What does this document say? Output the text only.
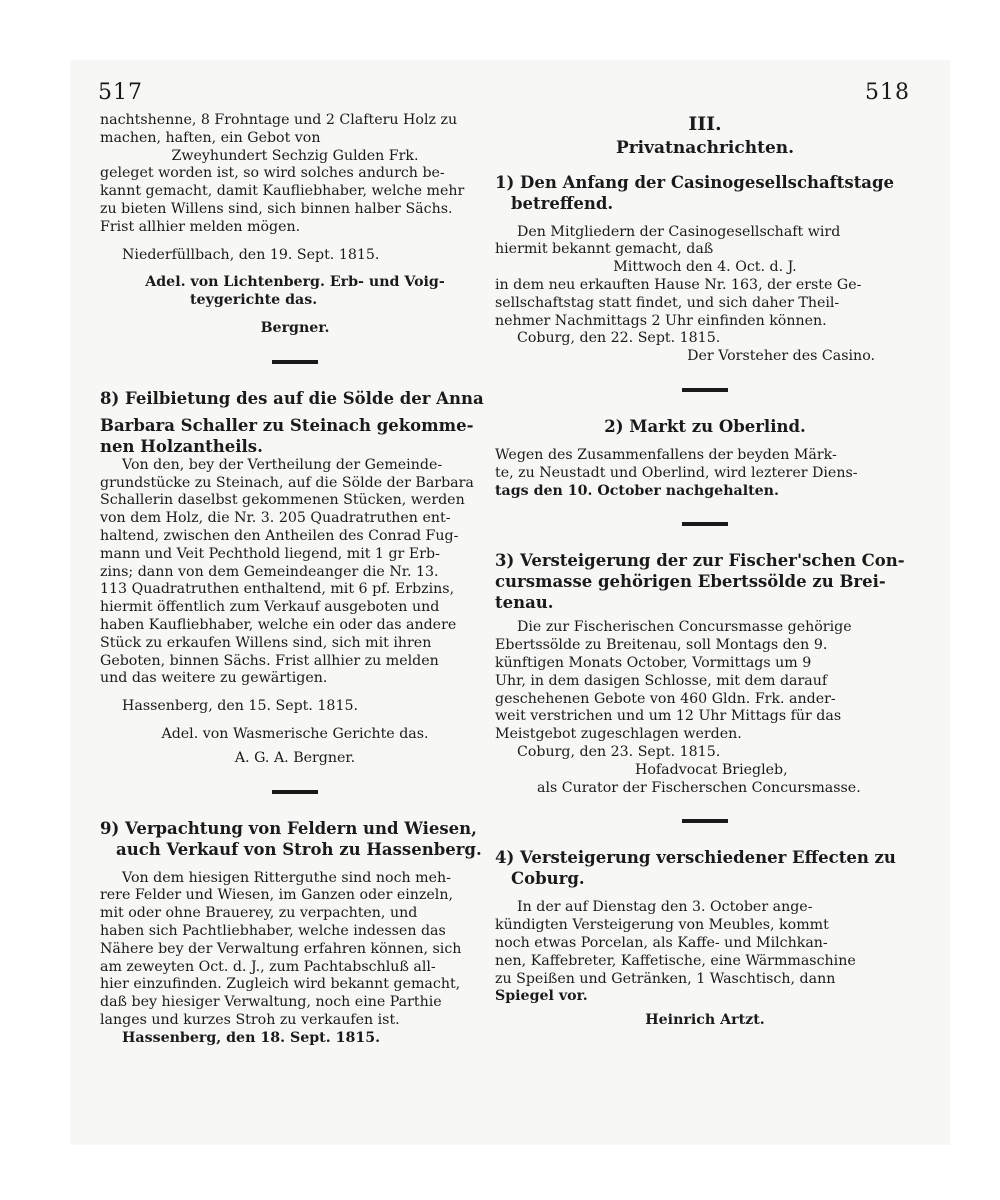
517	518

nachtshenne, 8 Frohntage und 2 Clafteru Holz zu

machen, haften, ein Gebot von

Zweyhundert Sechzig Gulden Frk.

geleget worden ist, so wird solches andurch be-

kannt gemacht, damit Kaufliebhaber, welche mehr

zu bieten Willens sind, sich binnen halber Sächs.

Frist allhier melden mögen.

Niederfüllbach, den 19. Sept. 1815.

Adel. von Lichtenberg. Erb- und Voig-

teygerichte das.

Bergner.

8) Feilbietung des auf die Sölde der Anna

Barbara Schaller zu Steinach gekomme-

nen Holzantheils.

Von den, bey der Vertheilung der Gemeinde-

grundstücke zu Steinach, auf die Sölde der Barbara

Schallerin daselbst gekommenen Stücken, werden

von dem Holz, die Nr. 3. 205 Quadratruthen ent-

haltend, zwischen den Antheilen des Conrad Fug-

mann und Veit Pechthold liegend, mit 1 gr Erb-

zins; dann von dem Gemeindeanger die Nr. 13.

113 Quadratruthen enthaltend, mit 6 pf. Erbzins,

hiermit öffentlich zum Verkauf ausgeboten und

haben Kaufliebhaber, welche ein oder das andere

Stück zu erkaufen Willens sind, sich mit ihren

Geboten, binnen Sächs. Frist allhier zu melden

und das weitere zu gewärtigen.

Hassenberg, den 15. Sept. 1815.

Adel. von Wasmerische Gerichte das.

A. G. A. Bergner.

9) Verpachtung von Feldern und Wiesen,

auch Verkauf von Stroh zu Hassenberg.

Von dem hiesigen Ritterguthe sind noch meh-

rere Felder und Wiesen, im Ganzen oder einzeln,

mit oder ohne Brauerey, zu verpachten, und

haben sich Pachtliebhaber, welche indessen das

Nähere bey der Verwaltung erfahren können, sich

am zeweyten Oct. d. J., zum Pachtabschluß all-

hier einzufinden. Zugleich wird bekannt gemacht,

daß bey hiesiger Verwaltung, noch eine Parthie

langes und kurzes Stroh zu verkaufen ist.

Hassenberg, den 18. Sept. 1815.

III.

Privatnachrichten.

1) Den Anfang der Casinogesellschaftstage

betreffend.

Den Mitgliedern der Casinogesellschaft wird

hiermit bekannt gemacht, daß

Mittwoch den 4. Oct. d. J.

in dem neu erkauften Hause Nr. 163, der erste Ge-

sellschaftstag statt findet, und sich daher Theil-

nehmer Nachmittags 2 Uhr einfinden können.

Coburg, den 22. Sept. 1815.

Der Vorsteher des Casino.

2) Markt zu Oberlind.

Wegen des Zusammenfallens der beyden Märk-

te, zu Neustadt und Oberlind, wird lezterer Diens-

tags den 10. October nachgehalten.

3) Versteigerung der zur Fischer'schen Con-

cursmasse gehörigen Ebertssölde zu Brei-

tenau.

Die zur Fischerischen Concursmasse gehörige

Ebertssölde zu Breitenau, soll Montags den 9.

künftigen Monats October, Vormittags um 9

Uhr, in dem dasigen Schlosse, mit dem darauf

geschehenen Gebote von 460 Gldn. Frk. ander-

weit verstrichen und um 12 Uhr Mittags für das

Meistgebot zugeschlagen werden.

Coburg, den 23. Sept. 1815.

Hofadvocat Briegleb,

als Curator der Fischerschen Concursmasse.

4) Versteigerung verschiedener Effecten zu

Coburg.

In der auf Dienstag den 3. October ange-

kündigten Versteigerung von Meubles, kommt

noch etwas Porcelan, als Kaffe- und Milchkan-

nen, Kaffebreter, Kaffetische, eine Wärmmaschine

zu Speißen und Getränken, 1 Waschtisch, dann

Spiegel vor.

Heinrich Artzt.
